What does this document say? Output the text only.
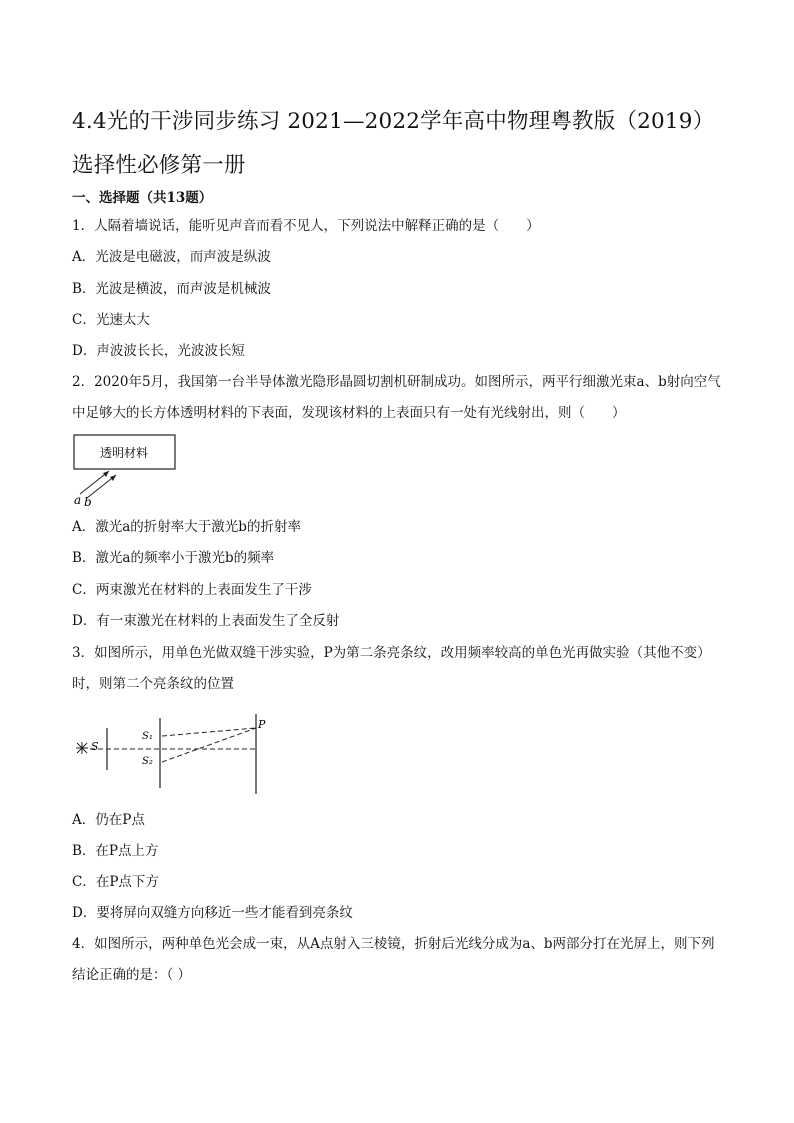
4.4光的干涉同步练习 2021—2022学年高中物理粤教版（2019）选择性必修第一册
一、选择题（共13题）
1．人隔着墙说话，能听见声音而看不见人，下列说法中解释正确的是（　　）
A．光波是电磁波，而声波是纵波
B．光波是横波，而声波是机械波
C．光速太大
D．声波波长长，光波波长短
2．2020年5月，我国第一台半导体激光隐形晶圆切割机研制成功。如图所示，两平行细激光束a、b射向空气中足够大的长方体透明材料的下表面，发现该材料的上表面只有一处有光线射出，则（　　）
透明材料
a b
A．激光a的折射率大于激光b的折射率
B．激光a的频率小于激光b的频率
C．两束激光在材料的上表面发生了干涉
D．有一束激光在材料的上表面发生了全反射
3．如图所示，用单色光做双缝干涉实验，P为第二条亮条纹，改用频率较高的单色光再做实验（其他不变）时，则第二个亮条纹的位置
S
S₁
S₂
P
A．仍在P点
B．在P点上方
C．在P点下方
D．要将屏向双缝方向移近一些才能看到亮条纹
4．如图所示，两种单色光会成一束，从A点射入三棱镜，折射后光线分成为a、b两部分打在光屏上，则下列结论正确的是：（ ）
